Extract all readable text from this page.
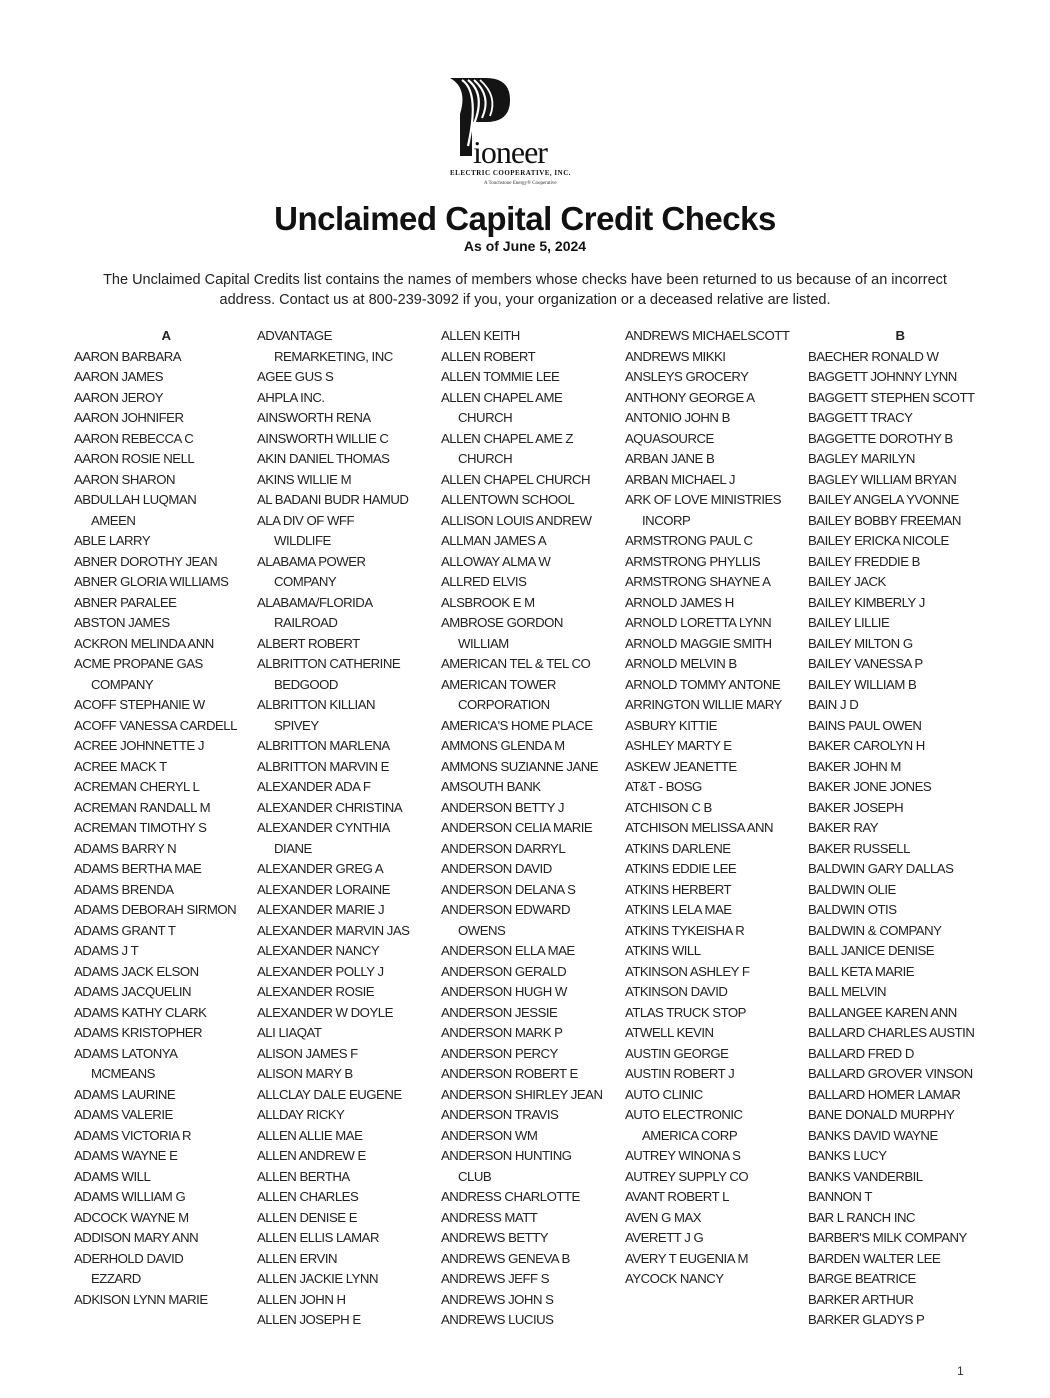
ioneer
ELECTRIC COOPERATIVE, INC.
A Touchstone Energy® Cooperative
Unclaimed Capital Credit Checks
As of June 5, 2024
The Unclaimed Capital Credits list contains the names of members whose checks have been returned to us because of an incorrect address. Contact us at 800-239-3092 if you, your organization or a deceased relative are listed.
A
AARON BARBARA
AARON JAMES
AARON JEROY
AARON JOHNIFER
AARON REBECCA C
AARON ROSIE NELL
AARON SHARON
ABDULLAH LUQMAN
AMEEN
ABLE LARRY
ABNER DOROTHY JEAN
ABNER GLORIA WILLIAMS
ABNER PARALEE
ABSTON JAMES
ACKRON MELINDA ANN
ACME PROPANE GAS
COMPANY
ACOFF STEPHANIE W
ACOFF VANESSA CARDELL
ACREE JOHNNETTE J
ACREE MACK T
ACREMAN CHERYL L
ACREMAN RANDALL M
ACREMAN TIMOTHY S
ADAMS BARRY N
ADAMS BERTHA MAE
ADAMS BRENDA
ADAMS DEBORAH SIRMON
ADAMS GRANT T
ADAMS J T
ADAMS JACK ELSON
ADAMS JACQUELIN
ADAMS KATHY CLARK
ADAMS KRISTOPHER
ADAMS LATONYA
MCMEANS
ADAMS LAURINE
ADAMS VALERIE
ADAMS VICTORIA R
ADAMS WAYNE E
ADAMS WILL
ADAMS WILLIAM G
ADCOCK WAYNE M
ADDISON MARY ANN
ADERHOLD DAVID
EZZARD
ADKISON LYNN MARIE
ADVANTAGE
REMARKETING, INC
AGEE GUS S
AHPLA INC.
AINSWORTH RENA
AINSWORTH WILLIE C
AKIN DANIEL THOMAS
AKINS WILLIE M
AL BADANI BUDR HAMUD
ALA DIV OF WFF
WILDLIFE
ALABAMA POWER
COMPANY
ALABAMA/FLORIDA
RAILROAD
ALBERT ROBERT
ALBRITTON CATHERINE
BEDGOOD
ALBRITTON KILLIAN
SPIVEY
ALBRITTON MARLENA
ALBRITTON MARVIN E
ALEXANDER ADA F
ALEXANDER CHRISTINA
ALEXANDER CYNTHIA
DIANE
ALEXANDER GREG A
ALEXANDER LORAINE
ALEXANDER MARIE J
ALEXANDER MARVIN JAS
ALEXANDER NANCY
ALEXANDER POLLY J
ALEXANDER ROSIE
ALEXANDER W DOYLE
ALI LIAQAT
ALISON JAMES F
ALISON MARY B
ALLCLAY DALE EUGENE
ALLDAY RICKY
ALLEN ALLIE MAE
ALLEN ANDREW E
ALLEN BERTHA
ALLEN CHARLES
ALLEN DENISE E
ALLEN ELLIS LAMAR
ALLEN ERVIN
ALLEN JACKIE LYNN
ALLEN JOHN H
ALLEN JOSEPH E
ALLEN KEITH
ALLEN ROBERT
ALLEN TOMMIE LEE
ALLEN CHAPEL AME
CHURCH
ALLEN CHAPEL AME Z
CHURCH
ALLEN CHAPEL CHURCH
ALLENTOWN SCHOOL
ALLISON LOUIS ANDREW
ALLMAN JAMES A
ALLOWAY ALMA W
ALLRED ELVIS
ALSBROOK E M
AMBROSE GORDON
WILLIAM
AMERICAN TEL & TEL CO
AMERICAN TOWER
CORPORATION
AMERICA'S HOME PLACE
AMMONS GLENDA M
AMMONS SUZIANNE JANE
AMSOUTH BANK
ANDERSON BETTY J
ANDERSON CELIA MARIE
ANDERSON DARRYL
ANDERSON DAVID
ANDERSON DELANA S
ANDERSON EDWARD
OWENS
ANDERSON ELLA MAE
ANDERSON GERALD
ANDERSON HUGH W
ANDERSON JESSIE
ANDERSON MARK P
ANDERSON PERCY
ANDERSON ROBERT E
ANDERSON SHIRLEY JEAN
ANDERSON TRAVIS
ANDERSON WM
ANDERSON HUNTING
CLUB
ANDRESS CHARLOTTE
ANDRESS MATT
ANDREWS BETTY
ANDREWS GENEVA B
ANDREWS JEFF S
ANDREWS JOHN S
ANDREWS LUCIUS
ANDREWS MICHAELSCOTT
ANDREWS MIKKI
ANSLEYS GROCERY
ANTHONY GEORGE A
ANTONIO JOHN B
AQUASOURCE
ARBAN JANE B
ARBAN MICHAEL J
ARK OF LOVE MINISTRIES
INCORP
ARMSTRONG PAUL C
ARMSTRONG PHYLLIS
ARMSTRONG SHAYNE A
ARNOLD JAMES H
ARNOLD LORETTA LYNN
ARNOLD MAGGIE SMITH
ARNOLD MELVIN B
ARNOLD TOMMY ANTONE
ARRINGTON WILLIE MARY
ASBURY KITTIE
ASHLEY MARTY E
ASKEW JEANETTE
AT&T - BOSG
ATCHISON C B
ATCHISON MELISSA ANN
ATKINS DARLENE
ATKINS EDDIE LEE
ATKINS HERBERT
ATKINS LELA MAE
ATKINS TYKEISHA R
ATKINS WILL
ATKINSON ASHLEY F
ATKINSON DAVID
ATLAS TRUCK STOP
ATWELL KEVIN
AUSTIN GEORGE
AUSTIN ROBERT J
AUTO CLINIC
AUTO ELECTRONIC
AMERICA CORP
AUTREY WINONA S
AUTREY SUPPLY CO
AVANT ROBERT L
AVEN G MAX
AVERETT J G
AVERY T EUGENIA M
AYCOCK NANCY
B
BAECHER RONALD W
BAGGETT JOHNNY LYNN
BAGGETT STEPHEN SCOTT
BAGGETT TRACY
BAGGETTE DOROTHY B
BAGLEY MARILYN
BAGLEY WILLIAM BRYAN
BAILEY ANGELA YVONNE
BAILEY BOBBY FREEMAN
BAILEY ERICKA NICOLE
BAILEY FREDDIE B
BAILEY JACK
BAILEY KIMBERLY J
BAILEY LILLIE
BAILEY MILTON G
BAILEY VANESSA P
BAILEY WILLIAM B
BAIN J D
BAINS PAUL OWEN
BAKER CAROLYN H
BAKER JOHN M
BAKER JONE JONES
BAKER JOSEPH
BAKER RAY
BAKER RUSSELL
BALDWIN GARY DALLAS
BALDWIN OLIE
BALDWIN OTIS
BALDWIN & COMPANY
BALL JANICE DENISE
BALL KETA MARIE
BALL MELVIN
BALLANGEE KAREN ANN
BALLARD CHARLES AUSTIN
BALLARD FRED D
BALLARD GROVER VINSON
BALLARD HOMER LAMAR
BANE DONALD MURPHY
BANKS DAVID WAYNE
BANKS LUCY
BANKS VANDERBIL
BANNON T
BAR L RANCH INC
BARBER'S MILK COMPANY
BARDEN WALTER LEE
BARGE BEATRICE
BARKER ARTHUR
BARKER GLADYS P
1
